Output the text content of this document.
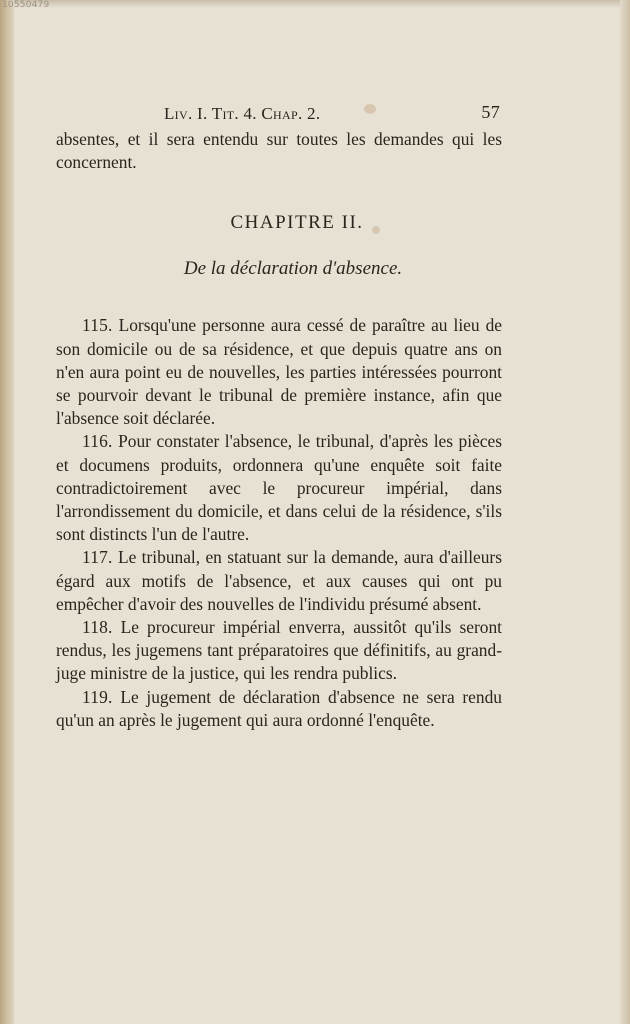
10550479
Liv. I. Tit. 4. Chap. 2.	57

absentes, et il sera entendu sur toutes les demandes qui les concernent.

CHAPITRE II.
De la déclaration d'absence.

115. Lorsqu'une personne aura cessé de paraître au lieu de son domicile ou de sa résidence, et que depuis quatre ans on n'en aura point eu de nouvelles, les parties intéressées pourront se pourvoir devant le tribunal de première instance, afin que l'absence soit déclarée.

116. Pour constater l'absence, le tribunal, d'après les pièces et documens produits, ordonnera qu'une enquête soit faite contradictoirement avec le procureur impérial, dans l'arrondissement du domicile, et dans celui de la résidence, s'ils sont distincts l'un de l'autre.

117. Le tribunal, en statuant sur la demande, aura d'ailleurs égard aux motifs de l'absence, et aux causes qui ont pu empêcher d'avoir des nouvelles de l'individu présumé absent.

118. Le procureur impérial enverra, aussitôt qu'ils seront rendus, les jugemens tant préparatoires que définitifs, au grand-juge ministre de la justice, qui les rendra publics.

119. Le jugement de déclaration d'absence ne sera rendu qu'un an après le jugement qui aura ordonné l'enquête.
